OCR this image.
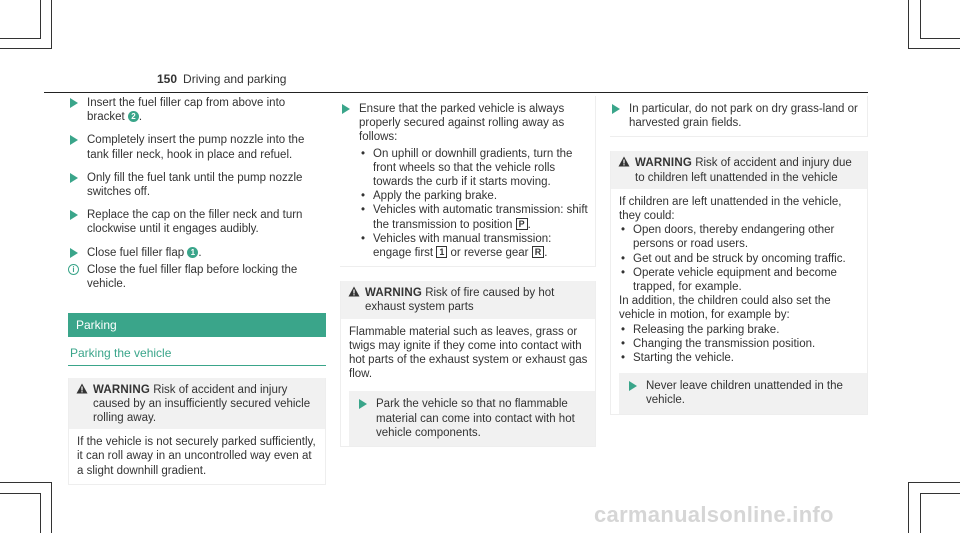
150 Driving and parking
Insert the fuel filler cap from above into bracket 2 .
Completely insert the pump nozzle into the tank filler neck, hook in place and refuel.
Only fill the fuel tank until the pump nozzle switches off.
Replace the cap on the filler neck and turn clockwise until it engages audibly.
Close fuel filler flap 1 .
i	Close the fuel filler flap before locking the vehicle.
Parking
Parking the vehicle
WARNING Risk of accident and injury caused by an insufficiently secured vehicle rolling away.
If the vehicle is not securely parked sufficiently, it can roll away in an uncontrolled way even at a slight downhill gradient.
Ensure that the parked vehicle is always properly secured against rolling away as follows:
• On uphill or downhill gradients, turn the front wheels so that the vehicle rolls towards the curb if it starts moving.
• Apply the parking brake.
• Vehicles with automatic transmission: shift the transmission to position P .
• Vehicles with manual transmission: engage first 1 or reverse gear R .
WARNING Risk of fire caused by hot exhaust system parts
Flammable material such as leaves, grass or twigs may ignite if they come into contact with hot parts of the exhaust system or exhaust gas flow.
Park the vehicle so that no flammable material can come into contact with hot vehicle components.
In particular, do not park on dry grass-land or harvested grain fields.
WARNING Risk of accident and injury due to children left unattended in the vehicle
If children are left unattended in the vehicle, they could:
• Open doors, thereby endangering other persons or road users.
• Get out and be struck by oncoming traffic.
• Operate vehicle equipment and become trapped, for example.
In addition, the children could also set the vehicle in motion, for example by:
• Releasing the parking brake.
• Changing the transmission position.
• Starting the vehicle.
Never leave children unattended in the vehicle.
carmanualsonline.info
